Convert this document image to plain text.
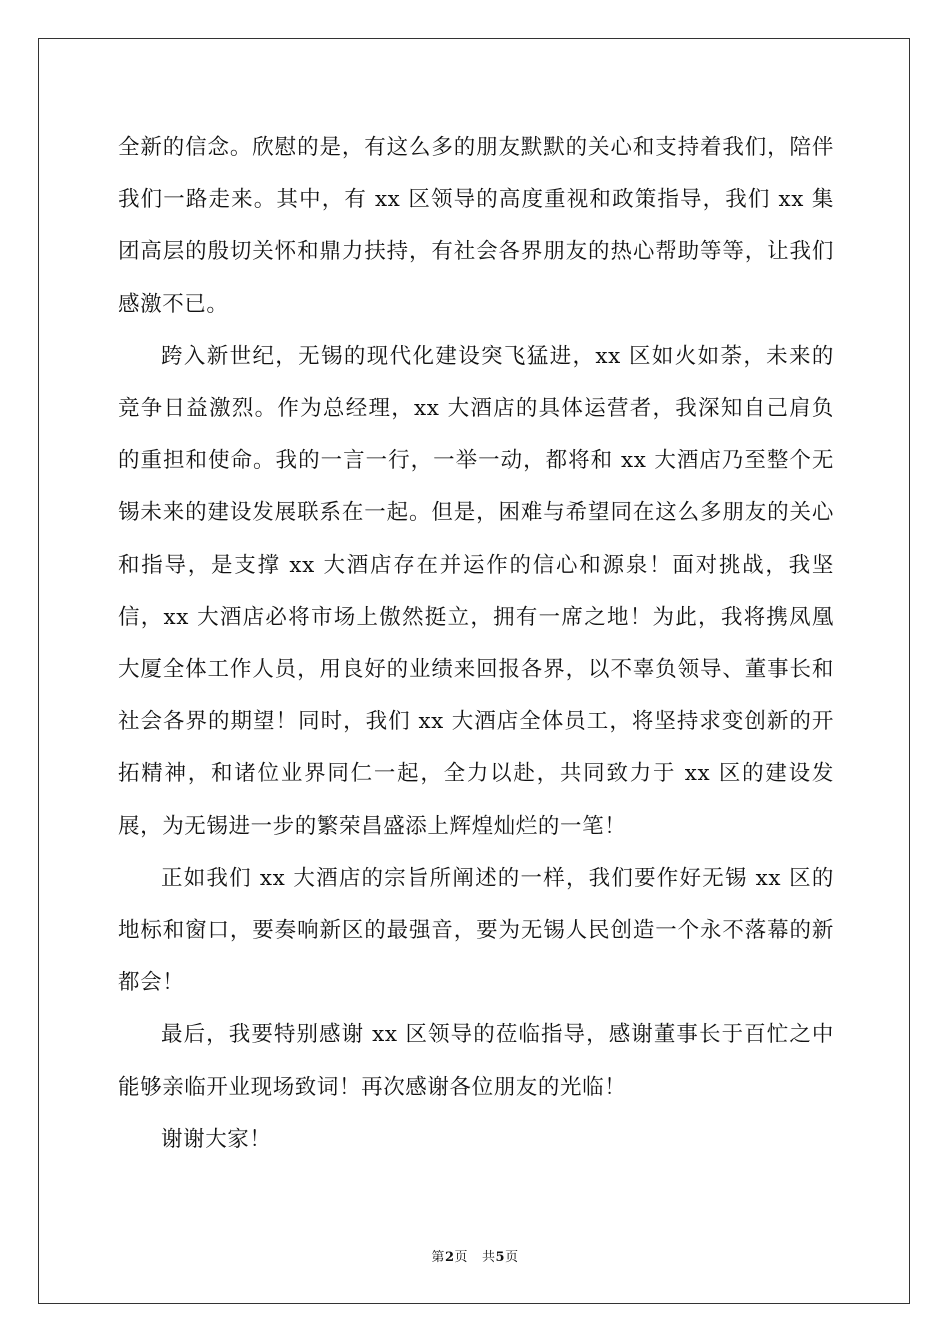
全新的信念。欣慰的是，有这么多的朋友默默的关心和支持着我们，陪伴我们一路走来。其中，有 xx 区领导的高度重视和政策指导，我们 xx 集团高层的殷切关怀和鼎力扶持，有社会各界朋友的热心帮助等等，让我们感激不已。

跨入新世纪，无锡的现代化建设突飞猛进，xx 区如火如荼，未来的竞争日益激烈。作为总经理，xx 大酒店的具体运营者，我深知自己肩负的重担和使命。我的一言一行，一举一动，都将和 xx 大酒店乃至整个无锡未来的建设发展联系在一起。但是，困难与希望同在这么多朋友的关心和指导，是支撑 xx 大酒店存在并运作的信心和源泉！面对挑战，我坚信，xx 大酒店必将市场上傲然挺立，拥有一席之地！为此，我将携凤凰大厦全体工作人员，用良好的业绩来回报各界，以不辜负领导、董事长和社会各界的期望！同时，我们 xx 大酒店全体员工，将坚持求变创新的开拓精神，和诸位业界同仁一起，全力以赴，共同致力于 xx 区的建设发展，为无锡进一步的繁荣昌盛添上辉煌灿烂的一笔！

正如我们 xx 大酒店的宗旨所阐述的一样，我们要作好无锡 xx 区的地标和窗口，要奏响新区的最强音，要为无锡人民创造一个永不落幕的新都会！

最后，我要特别感谢 xx 区领导的莅临指导，感谢董事长于百忙之中能够亲临开业现场致词！再次感谢各位朋友的光临！

谢谢大家！

第2页 共5页
